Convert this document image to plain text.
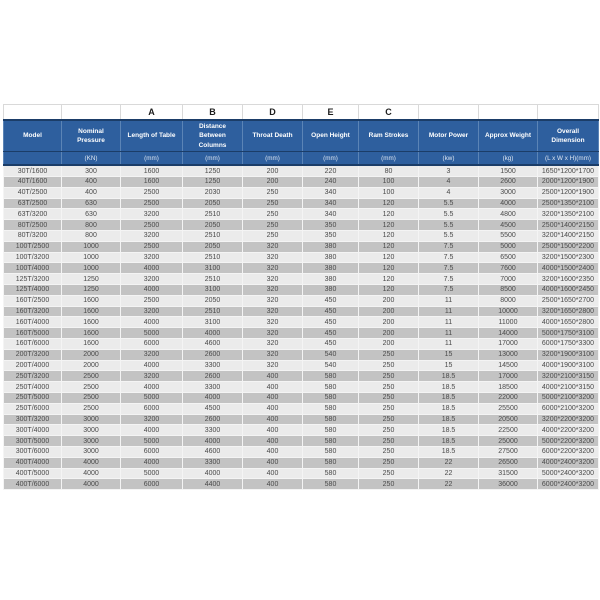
		A	B	D	E	C			
Model	Nominal Pressure	Length of Table	Distance Between Columns	Throat Death	Open Height	Ram Strokes	Motor Power	Approx Weight	Overall Dimension
	(KN)	(mm)	(mm)	(mm)	(mm)	(mm)	(kw)	(kg)	(L x W x H)(mm)
30T/1600	300	1600	1250	200	220	80	3	1500	1650*1200*1700
40T/1600	400	1600	1250	200	240	100	4	2600	2000*1200*1900
40T/2500	400	2500	2030	250	340	100	4	3000	2500*1200*1900
63T/2500	630	2500	2050	250	340	120	5.5	4000	2500*1350*2100
63T/3200	630	3200	2510	250	340	120	5.5	4800	3200*1350*2100
80T/2500	800	2500	2050	250	350	120	5.5	4500	2500*1400*2150
80T/3200	800	3200	2510	250	350	120	5.5	5500	3200*1400*2150
100T/2500	1000	2500	2050	320	380	120	7.5	5000	2500*1500*2200
100T/3200	1000	3200	2510	320	380	120	7.5	6500	3200*1500*2300
100T/4000	1000	4000	3100	320	380	120	7.5	7600	4000*1500*2400
125T/3200	1250	3200	2510	320	380	120	7.5	7000	3200*1600*2350
125T/4000	1250	4000	3100	320	380	120	7.5	8500	4000*1600*2450
160T/2500	1600	2500	2050	320	450	200	11	8000	2500*1650*2700
160T/3200	1600	3200	2510	320	450	200	11	10000	3200*1650*2800
160T/4000	1600	4000	3100	320	450	200	11	11000	4000*1650*2800
160T/5000	1600	5000	4000	320	450	200	11	14000	5000*1750*3100
160T/6000	1600	6000	4600	320	450	200	11	17000	6000*1750*3300
200T/3200	2000	3200	2600	320	540	250	15	13000	3200*1900*3100
200T/4000	2000	4000	3300	320	540	250	15	14500	4000*1900*3100
250T/3200	2500	3200	2600	400	580	250	18.5	17000	3200*2100*3150
250T/4000	2500	4000	3300	400	580	250	18.5	18500	4000*2100*3150
250T/5000	2500	5000	4000	400	580	250	18.5	22000	5000*2100*3200
250T/6000	2500	6000	4500	400	580	250	18.5	25500	6000*2100*3200
300T/3200	3000	3200	2600	400	580	250	18.5	20500	3200*2200*3200
300T/4000	3000	4000	3300	400	580	250	18.5	22500	4000*2200*3200
300T/5000	3000	5000	4000	400	580	250	18.5	25000	5000*2200*3200
300T/6000	3000	6000	4600	400	580	250	18.5	27500	6000*2200*3200
400T/4000	4000	4000	3300	400	580	250	22	26500	4000*2400*3200
400T/5000	4000	5000	4000	400	580	250	22	31500	5000*2400*3200
400T/6000	4000	6000	4400	400	580	250	22	36000	6000*2400*3200
